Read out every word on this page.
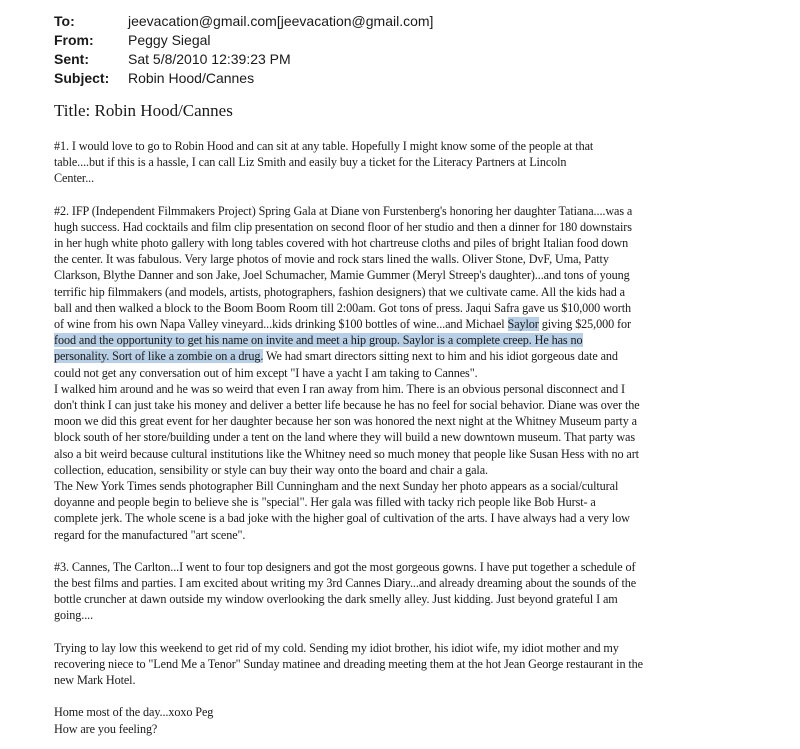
To:	jeevacation@gmail.com[jeevacation@gmail.com]
From:	Peggy Siegal
Sent:	Sat 5/8/2010 12:39:23 PM
Subject:	Robin Hood/Cannes
Title: Robin Hood/Cannes
#1. I would love to go to Robin Hood and can sit at any table. Hopefully I might know some of the people at that
table....but if this is a hassle, I can call Liz Smith and easily buy a ticket for the Literacy Partners at Lincoln
Center...
#2. IFP (Independent Filmmakers Project) Spring Gala at Diane von Furstenberg's honoring her daughter Tatiana....was a
hugh success. Had cocktails and film clip presentation on second floor of her studio and then a dinner for 180 downstairs
in her hugh white photo gallery with long tables covered with hot chartreuse cloths and piles of bright Italian food down
the center. It was fabulous. Very large photos of movie and rock stars lined the walls. Oliver Stone, DvF, Uma, Patty
Clarkson, Blythe Danner and son Jake, Joel Schumacher, Mamie Gummer (Meryl Streep's daughter)...and tons of young
terrific hip filmmakers (and models, artists, photographers, fashion designers) that we cultivate came. All the kids had a
ball and then walked a block to the Boom Boom Room till 2:00am. Got tons of press. Jaqui Safra gave us $10,000 worth
of wine from his own Napa Valley vineyard...kids drinking $100 bottles of wine...and Michael Saylor giving $25,000 for
food and the opportunity to get his name on invite and meet a hip group. Saylor is a complete creep. He has no
personality. Sort of like a zombie on a drug. We had smart directors sitting next to him and his idiot gorgeous date and
could not get any conversation out of him except "I have a yacht I am taking to Cannes".
I walked him around and he was so weird that even I ran away from him. There is an obvious personal disconnect and I
don't think I can just take his money and deliver a better life because he has no feel for social behavior. Diane was over the
moon we did this great event for her daughter because her son was honored the next night at the Whitney Museum party a
block south of her store/building under a tent on the land where they will build a new downtown museum. That party was
also a bit weird because cultural institutions like the Whitney need so much money that people like Susan Hess with no art
collection, education, sensibility or style can buy their way onto the board and chair a gala.
The New York Times sends photographer Bill Cunningham and the next Sunday her photo appears as a social/cultural
doyanne and people begin to believe she is "special". Her gala was filled with tacky rich people like Bob Hurst- a
complete jerk. The whole scene is a bad joke with the higher goal of cultivation of the arts. I have always had a very low
regard for the manufactured "art scene".
#3. Cannes, The Carlton...I went to four top designers and got the most gorgeous gowns. I have put together a schedule of
the best films and parties. I am excited about writing my 3rd Cannes Diary...and already dreaming about the sounds of the
bottle cruncher at dawn outside my window overlooking the dark smelly alley. Just kidding. Just beyond grateful I am
going....
Trying to lay low this weekend to get rid of my cold. Sending my idiot brother, his idiot wife, my idiot mother and my
recovering niece to "Lend Me a Tenor" Sunday matinee and dreading meeting them at the hot Jean George restaurant in the
new Mark Hotel.
Home most of the day...xoxo Peg
How are you feeling?
